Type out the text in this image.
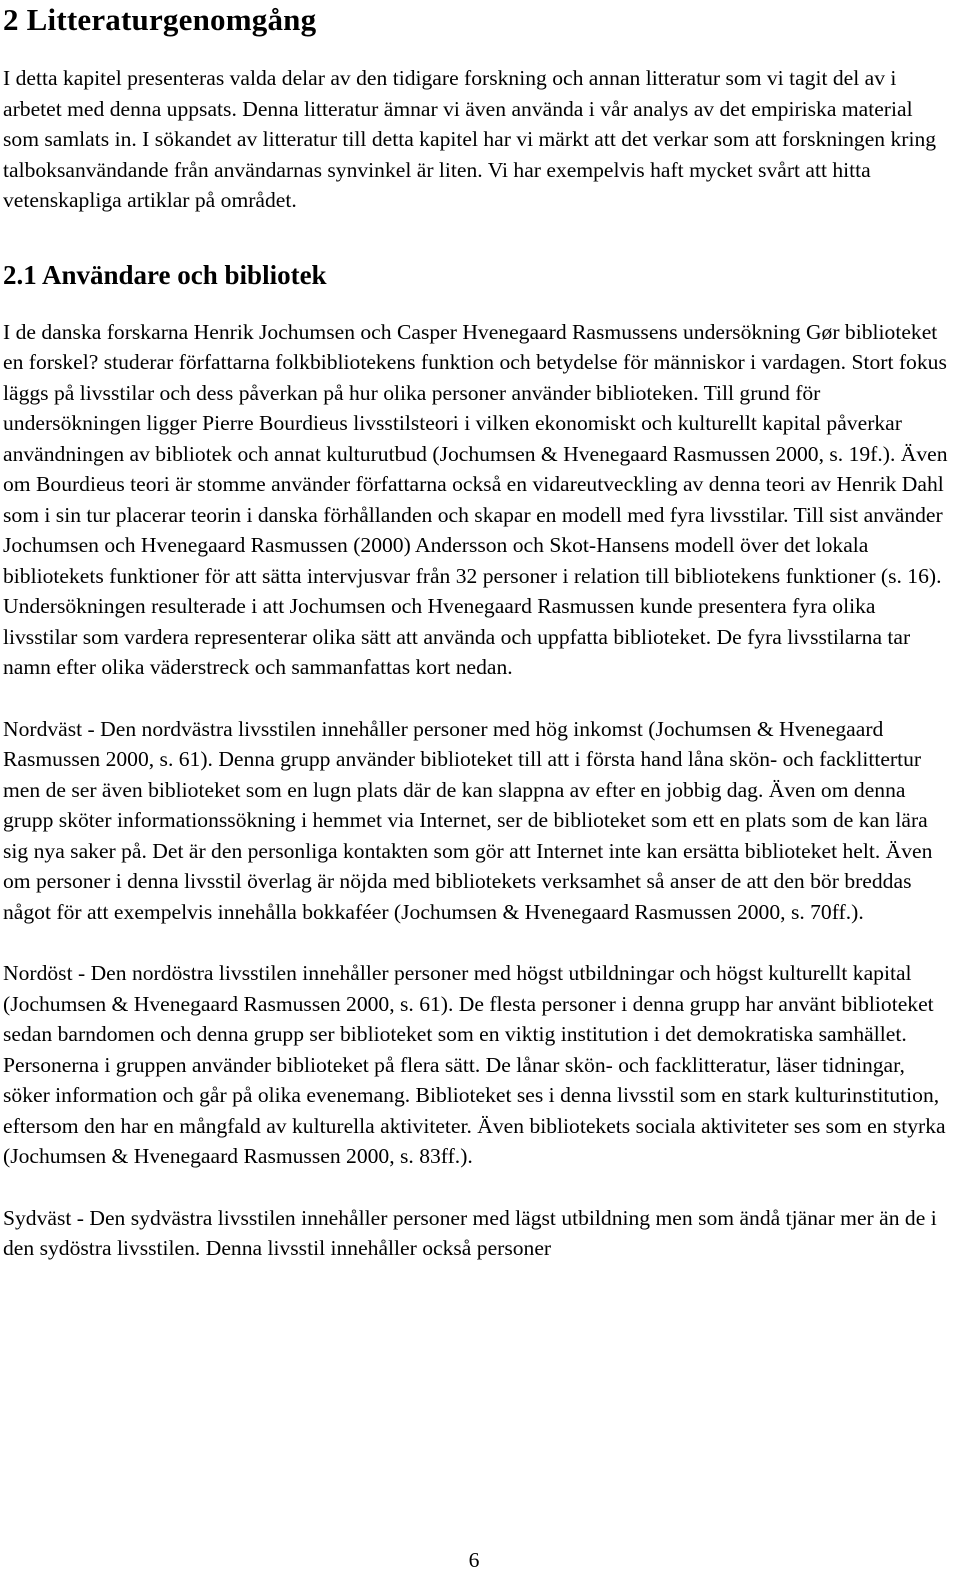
2 Litteraturgenomgång

I detta kapitel presenteras valda delar av den tidigare forskning och annan litteratur som vi tagit del av i arbetet med denna uppsats. Denna litteratur ämnar vi även använda i vår analys av det empiriska material som samlats in. I sökandet av litteratur till detta kapitel har vi märkt att det verkar som att forskningen kring talboksanvändande från användarnas synvinkel är liten. Vi har exempelvis haft mycket svårt att hitta vetenskapliga artiklar på området.

2.1 Användare och bibliotek

I de danska forskarna Henrik Jochumsen och Casper Hvenegaard Rasmussens undersökning Gør biblioteket en forskel? studerar författarna folkbibliotekens funktion och betydelse för människor i vardagen. Stort fokus läggs på livsstilar och dess påverkan på hur olika personer använder biblioteken. Till grund för undersökningen ligger Pierre Bourdieus livsstilsteori i vilken ekonomiskt och kulturellt kapital påverkar användningen av bibliotek och annat kulturutbud (Jochumsen & Hvenegaard Rasmussen 2000, s. 19f.). Även om Bourdieus teori är stomme använder författarna också en vidareutveckling av denna teori av Henrik Dahl som i sin tur placerar teorin i danska förhållanden och skapar en modell med fyra livsstilar. Till sist använder Jochumsen och Hvenegaard Rasmussen (2000) Andersson och Skot-Hansens modell över det lokala bibliotekets funktioner för att sätta intervjusvar från 32 personer i relation till bibliotekens funktioner (s. 16). Undersökningen resulterade i att Jochumsen och Hvenegaard Rasmussen kunde presentera fyra olika livsstilar som vardera representerar olika sätt att använda och uppfatta biblioteket. De fyra livsstilarna tar namn efter olika väderstreck och sammanfattas kort nedan.

Nordväst - Den nordvästra livsstilen innehåller personer med hög inkomst (Jochumsen & Hvenegaard Rasmussen 2000, s. 61). Denna grupp använder biblioteket till att i första hand låna skön- och facklittertur men de ser även biblioteket som en lugn plats där de kan slappna av efter en jobbig dag. Även om denna grupp sköter informationssökning i hemmet via Internet, ser de biblioteket som ett en plats som de kan lära sig nya saker på. Det är den personliga kontakten som gör att Internet inte kan ersätta biblioteket helt. Även om personer i denna livsstil överlag är nöjda med bibliotekets verksamhet så anser de att den bör breddas något för att exempelvis innehålla bokkaféer (Jochumsen & Hvenegaard Rasmussen 2000, s. 70ff.).

Nordöst - Den nordöstra livsstilen innehåller personer med högst utbildningar och högst kulturellt kapital (Jochumsen & Hvenegaard Rasmussen 2000, s. 61). De flesta personer i denna grupp har använt biblioteket sedan barndomen och denna grupp ser biblioteket som en viktig institution i det demokratiska samhället. Personerna i gruppen använder biblioteket på flera sätt. De lånar skön- och facklitteratur, läser tidningar, söker information och går på olika evenemang. Biblioteket ses i denna livsstil som en stark kulturinstitution, eftersom den har en mångfald av kulturella aktiviteter. Även bibliotekets sociala aktiviteter ses som en styrka (Jochumsen & Hvenegaard Rasmussen 2000, s. 83ff.).

Sydväst - Den sydvästra livsstilen innehåller personer med lägst utbildning men som ändå tjänar mer än de i den sydöstra livsstilen. Denna livsstil innehåller också personer

6
